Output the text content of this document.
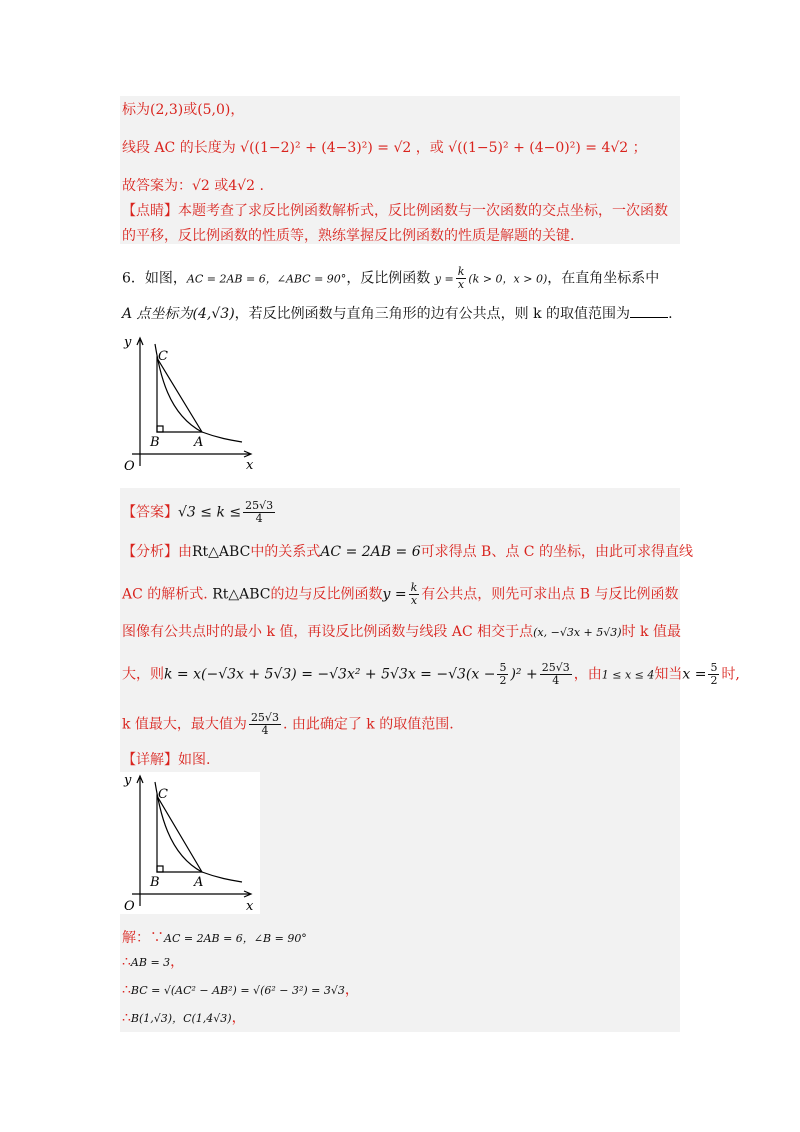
标为(2,3)或(5,0)，
线段 AC 的长度为 √((1−2)² + (4−3)²) = √2 ，或 √((1−5)² + (4−0)²) = 4√2 ；
故答案为：√2 或4√2 .
【点睛】本题考查了求反比例函数解析式，反比例函数与一次函数的交点坐标，一次函数
的平移，反比例函数的性质等，熟练掌握反比例函数的性质是解题的关键.
6．如图，AC = 2AB = 6，∠ABC = 90°，反比例函数 $y = \frac{k}{x} (k > 0$，x > 0)，在直角坐标系中
A 点坐标为(4,√3)，若反比例函数与直角三角形的边有公共点，则 k 的取值范围为	.
y
x
O
C
B	A
【答案】$√3 \le k \le \frac{25√3}{4}$
【分析】由Rt△ABC中的关系式AC = 2AB = 6可求得点 B、点 C 的坐标，由此可求得直线
AC 的解析式. Rt△ABC的边与反比例函数$y = \frac{k}{x}$ 有公共点，则先可求出点 B 与反比例函数
图像有公共点时的最小 k 值，再设反比例函数与线段 AC 相交于点(x, −√3x + 5√3)时 k 值最
大，则$k = x(-√3x + 5√3) = -√3x^2 + 5√3x = -√3(x - \frac{5}{2} )^2 + \frac{25√3}{4}$ ，由1 ≤ x ≤ 4知当$x = \frac{5}{2}$ 时,
k 值最大，最大值为 $\frac{25√3}{4}$ . 由此确定了 k 的取值范围.
【详解】如图.
y
x
O
C
B	A
解：∵AC = 2AB = 6，∠B = 90°
∴AB = 3，
∴BC = √(AC² − AB²) = √(6² − 3²) = 3√3，
∴B(1,√3)，C(1,4√3)，
